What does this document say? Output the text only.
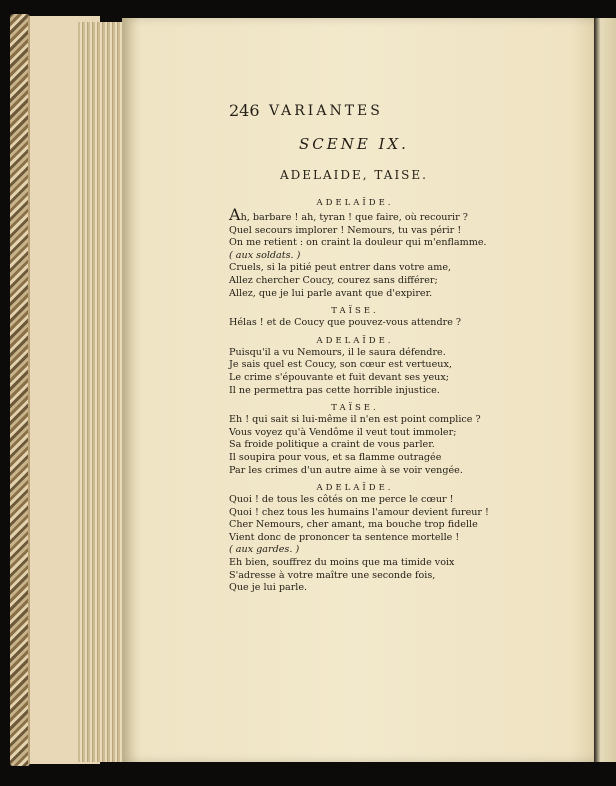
246 VARIANTES
SCENE IX.
ADELAIDE, TAISE.
ADELAÏDE.
Ah, barbare ! ah, tyran ! que faire, où recourir ?
Quel secours implorer ! Nemours, tu vas périr !
On me retient : on craint la douleur qui m'enflamme.
( aux soldats. )
Cruels, si la pitié peut entrer dans votre ame,
Allez chercher Coucy, courez sans différer;
Allez, que je lui parle avant que d'expirer.
TAÏSE.
Hélas ! et de Coucy que pouvez-vous attendre ?
ADELAÏDE.
Puisqu'il a vu Nemours, il le saura défendre.
Je sais quel est Coucy, son cœur est vertueux,
Le crime s'épouvante et fuit devant ses yeux;
Il ne permettra pas cette horrible injustice.
TAÏSE.
Eh ! qui sait si lui-même il n'en est point complice ?
Vous voyez qu'à Vendôme il veut tout immoler;
Sa froide politique a craint de vous parler.
Il soupira pour vous, et sa flamme outragée
Par les crimes d'un autre aime à se voir vengée.
ADELAÏDE.
Quoi ! de tous les côtés on me perce le cœur !
Quoi ! chez tous les humains l'amour devient fureur !
Cher Nemours, cher amant, ma bouche trop fidelle
Vient donc de prononcer ta sentence mortelle !
( aux gardes. )
Eh bien, souffrez du moins que ma timide voix
S'adresse à votre maître une seconde fois,
Que je lui parle.
